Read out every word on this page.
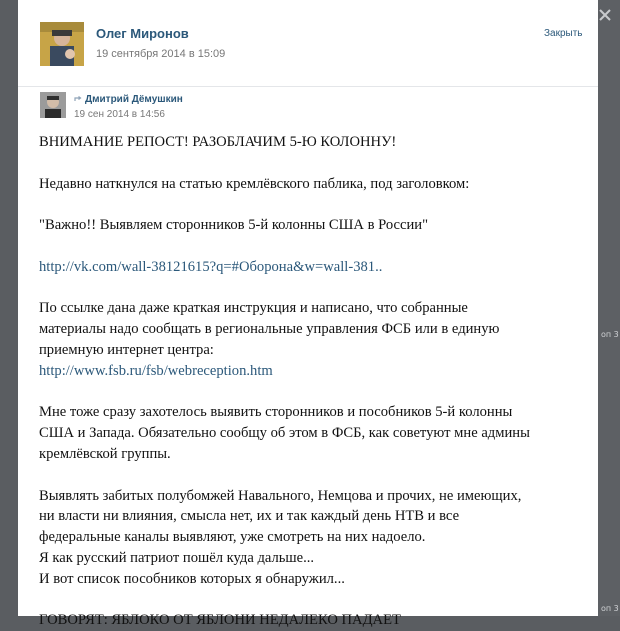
оп 3
оп 3
Олег Миронов
19 сентября 2014 в 15:09
Закрыть
Дмитрий Дёмушкин
19 сен 2014 в 14:56
ВНИМАНИЕ РЕПОСТ! РАЗОБЛАЧИМ 5-Ю КОЛОННУ!
Недавно наткнулся на статью кремлёвского паблика, под заголовком:
"Важно!! Выявляем сторонников 5-й колонны США в России"
http://vk.com/wall-38121615?q=#Оборона&w=wall-381..
По ссылке дана даже краткая инструкция и написано, что собранные
материалы надо сообщать в региональные управления ФСБ или в единую
приемную интернет центра:
http://www.fsb.ru/fsb/webreception.htm
Мне тоже сразу захотелось выявить сторонников и пособников 5-й колонны
США и Запада. Обязательно сообщу об этом в ФСБ, как советуют мне админы
кремлёвской группы.
Выявлять забитых полубомжей Навального, Немцова и прочих, не имеющих,
ни власти ни влияния, смысла нет, их и так каждый день НТВ и все
федеральные каналы выявляют, уже смотреть на них надоело.
Я как русский патриот пошёл куда дальше...
И вот список пособников которых я обнаружил...
ГОВОРЯТ: ЯБЛОКО ОТ ЯБЛОНИ НЕДАЛЕКО ПАДАЕТ
